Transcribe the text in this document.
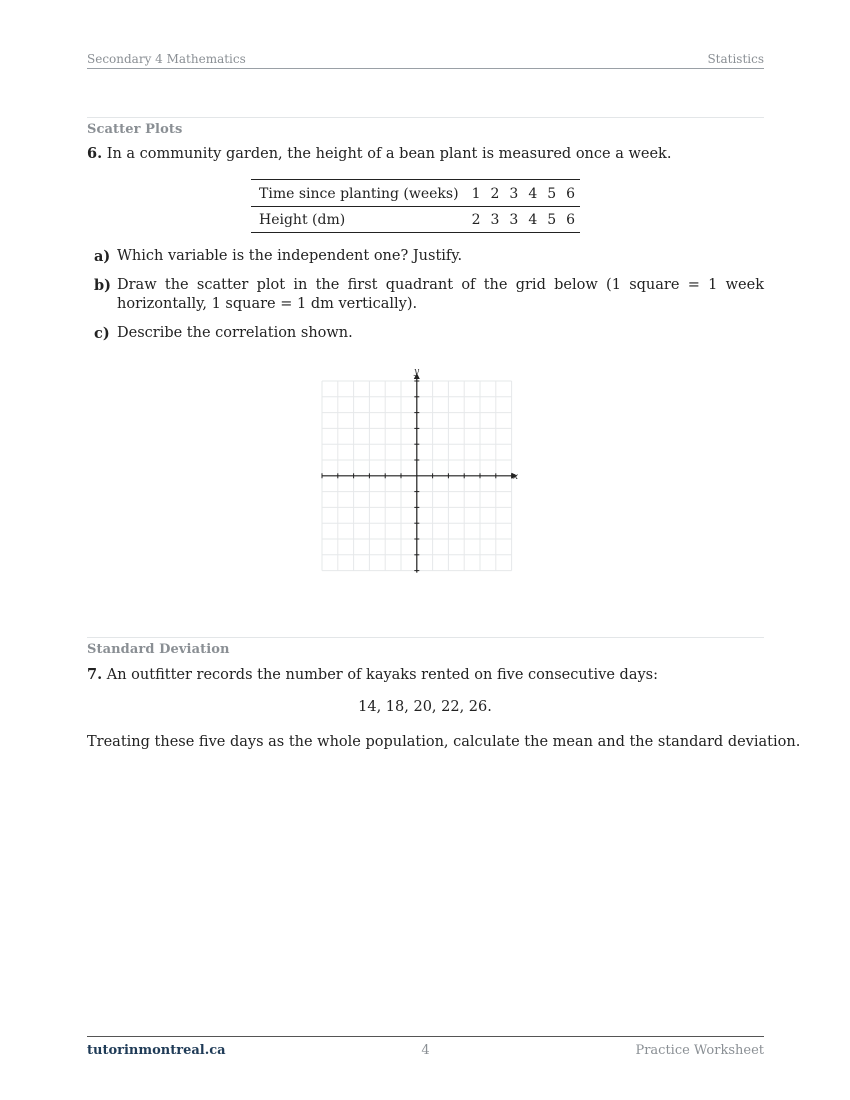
Secondary 4 Mathematics	Statistics
Scatter Plots
6. In a community garden, the height of a bean plant is measured once a week.
Time since planting (weeks)	1	2	3	4	5	6
Height (dm)	2	3	3	4	5	6
a) Which variable is the independent one? Justify.
b) Draw the scatter plot in the first quadrant of the grid below (1 square = 1 week horizontally, 1 square = 1 dm vertically).
c) Describe the correlation shown.
x
y
Standard Deviation
7. An outfitter records the number of kayaks rented on five consecutive days:
14, 18, 20, 22, 26.
Treating these five days as the whole population, calculate the mean and the standard deviation.
tutorinmontreal.ca	4	Practice Worksheet
